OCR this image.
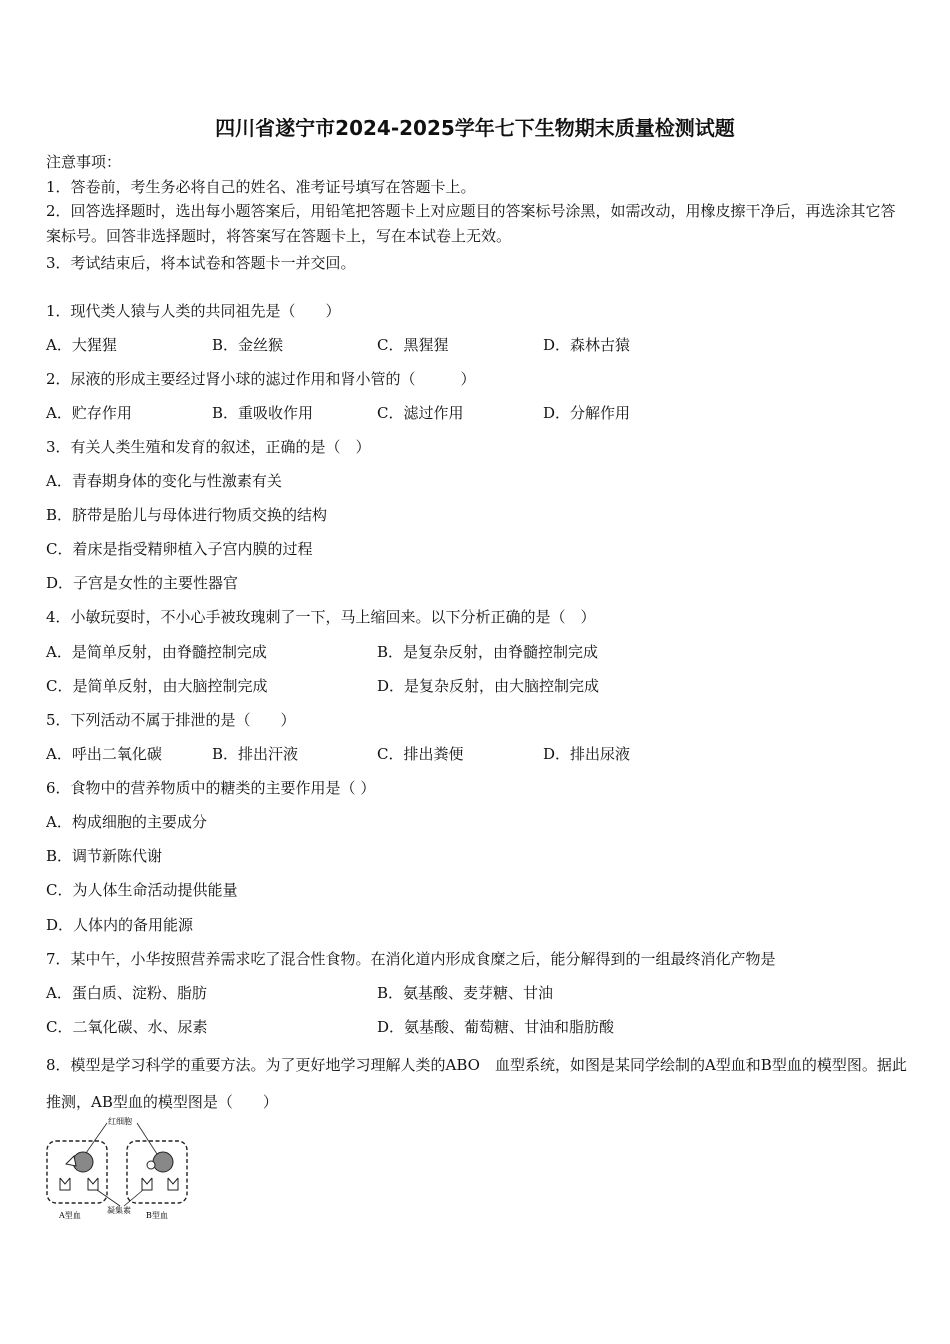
四川省遂宁市2024-2025学年七下生物期末质量检测试题
注意事项：
1．答卷前，考生务必将自己的姓名、准考证号填写在答题卡上。
2．回答选择题时，选出每小题答案后，用铅笔把答题卡上对应题目的答案标号涂黑，如需改动，用橡皮擦干净后，再选涂其它答案标号。回答非选择题时，将答案写在答题卡上，写在本试卷上无效。
3．考试结束后，将本试卷和答题卡一并交回。
1．现代类人猿与人类的共同祖先是（　　）
A．大猩猩	B．金丝猴	C．黑猩猩	D．森林古猿
2．尿液的形成主要经过肾小球的滤过作用和肾小管的（　　　）
A．贮存作用	B．重吸收作用	C．滤过作用	D．分解作用
3．有关人类生殖和发育的叙述，正确的是（　）
A．青春期身体的变化与性激素有关
B．脐带是胎儿与母体进行物质交换的结构
C．着床是指受精卵植入子宫内膜的过程
D．子宫是女性的主要性器官
4．小敏玩耍时，不小心手被玫瑰刺了一下，马上缩回来。以下分析正确的是（　）
A．是简单反射，由脊髓控制完成	B．是复杂反射，由脊髓控制完成
C．是简单反射，由大脑控制完成	D．是复杂反射，由大脑控制完成
5．下列活动不属于排泄的是（　　）
A．呼出二氧化碳	B．排出汗液	C．排出粪便	D．排出尿液
6．食物中的营养物质中的糖类的主要作用是（ ）
A．构成细胞的主要成分
B．调节新陈代谢
C．为人体生命活动提供能量
D．人体内的备用能源
7．某中午，小华按照营养需求吃了混合性食物。在消化道内形成食糜之后，能分解得到的一组最终消化产物是
A．蛋白质、淀粉、脂肪	B．氨基酸、麦芽糖、甘油
C．二氧化碳、水、尿素	D．氨基酸、葡萄糖、甘油和脂肪酸
8．模型是学习科学的重要方法。为了更好地学习理解人类的ABO　血型系统，如图是某同学绘制的A型血和B型血的模型图。据此推测，AB型血的模型图是（　　）
红细胞
凝集素
A型血	B型血
